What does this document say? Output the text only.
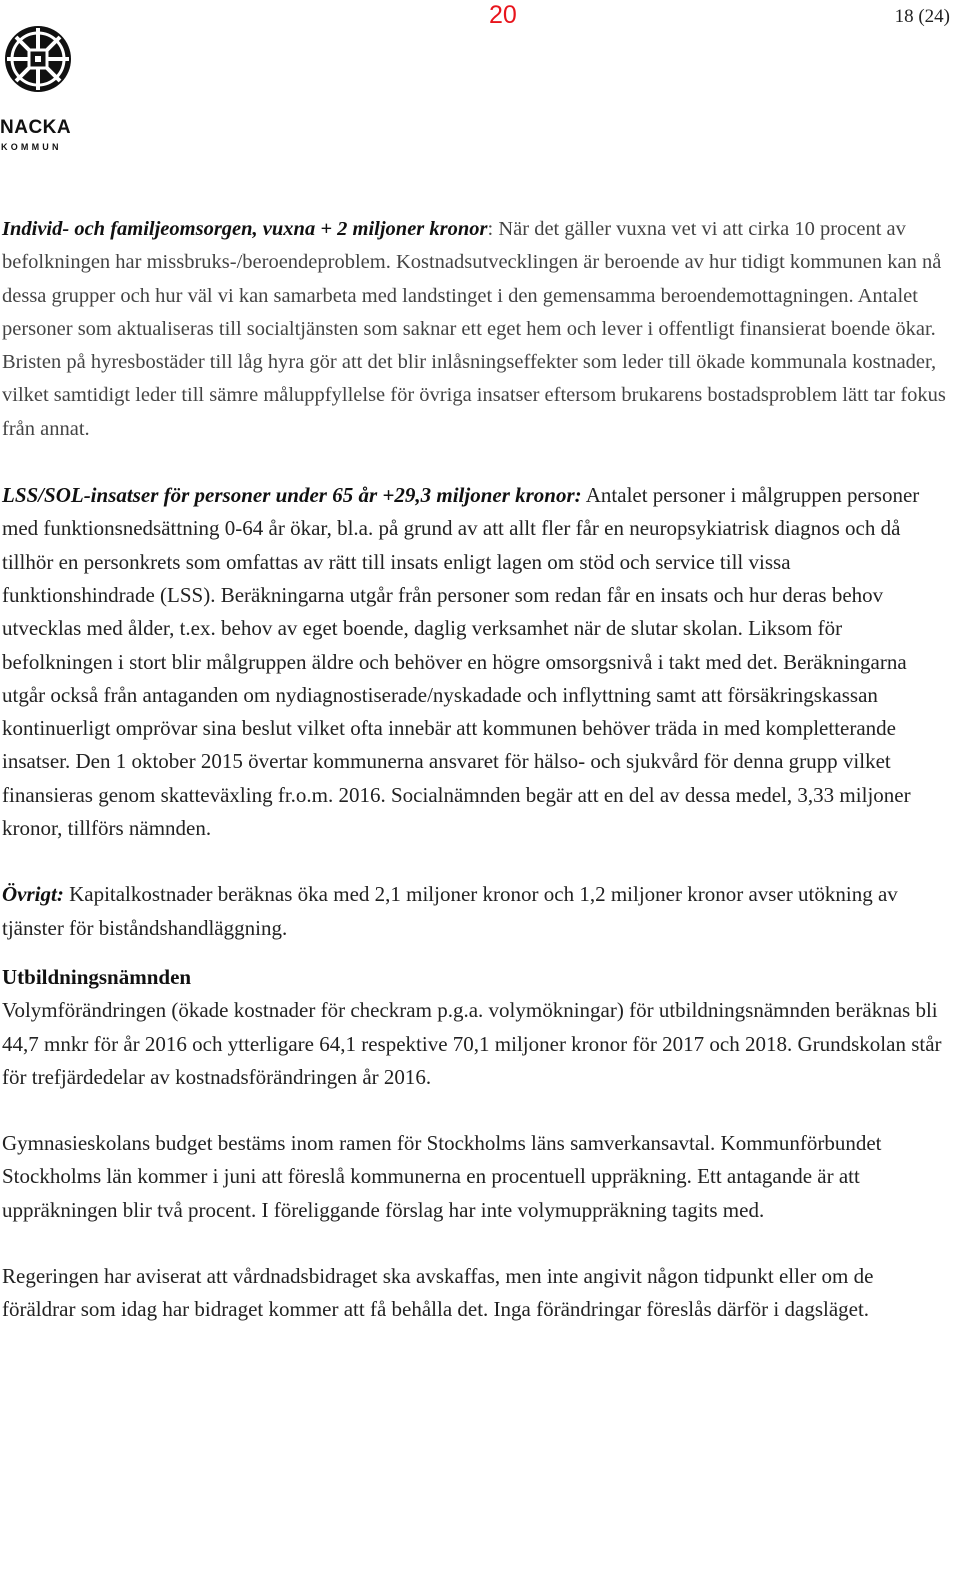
NACKA
KOMMUN
20	18 (24)

Individ- och familjeomsorgen, vuxna + 2 miljoner kronor: När det gäller vuxna vet vi att cirka 10 procent av befolkningen har missbruks-/beroendeproblem. Kostnadsutvecklingen är beroende av hur tidigt kommunen kan nå dessa grupper och hur väl vi kan samarbeta med landstinget i den gemensamma beroendemottagningen. Antalet personer som aktualiseras till socialtjänsten som saknar ett eget hem och lever i offentligt finansierat boende ökar. Bristen på hyresbostäder till låg hyra gör att det blir inlåsningseffekter som leder till ökade kommunala kostnader, vilket samtidigt leder till sämre måluppfyllelse för övriga insatser eftersom brukarens bostadsproblem lätt tar fokus från annat.

LSS/SOL-insatser för personer under 65 år +29,3 miljoner kronor: Antalet personer i målgruppen personer med funktionsnedsättning 0-64 år ökar, bl.a. på grund av att allt fler får en neuropsykiatrisk diagnos och då tillhör en personkrets som omfattas av rätt till insats enligt lagen om stöd och service till vissa funktionshindrade (LSS). Beräkningarna utgår från personer som redan får en insats och hur deras behov utvecklas med ålder, t.ex. behov av eget boende, daglig verksamhet när de slutar skolan. Liksom för befolkningen i stort blir målgruppen äldre och behöver en högre omsorgsnivå i takt med det. Beräkningarna utgår också från antaganden om nydiagnostiserade/nyskadade och inflyttning samt att försäkringskassan kontinuerligt omprövar sina beslut vilket ofta innebär att kommunen behöver träda in med kompletterande insatser. Den 1 oktober 2015 övertar kommunerna ansvaret för hälso- och sjukvård för denna grupp vilket finansieras genom skatteväxling fr.o.m. 2016. Socialnämnden begär att en del av dessa medel, 3,33 miljoner kronor, tillförs nämnden.

Övrigt: Kapitalkostnader beräknas öka med 2,1 miljoner kronor och 1,2 miljoner kronor avser utökning av tjänster för biståndshandläggning.

Utbildningsnämnden

Volymförändringen (ökade kostnader för checkram p.g.a. volymökningar) för utbildningsnämnden beräknas bli 44,7 mnkr för år 2016 och ytterligare 64,1 respektive 70,1 miljoner kronor för 2017 och 2018. Grundskolan står för trefjärdedelar av kostnadsförändringen år 2016.

Gymnasieskolans budget bestäms inom ramen för Stockholms läns samverkansavtal. Kommunförbundet Stockholms län kommer i juni att föreslå kommunerna en procentuell uppräkning. Ett antagande är att uppräkningen blir två procent. I föreliggande förslag har inte volymuppräkning tagits med.

Regeringen har aviserat att vårdnadsbidraget ska avskaffas, men inte angivit någon tidpunkt eller om de föräldrar som idag har bidraget kommer att få behålla det. Inga förändringar föreslås därför i dagsläget.
